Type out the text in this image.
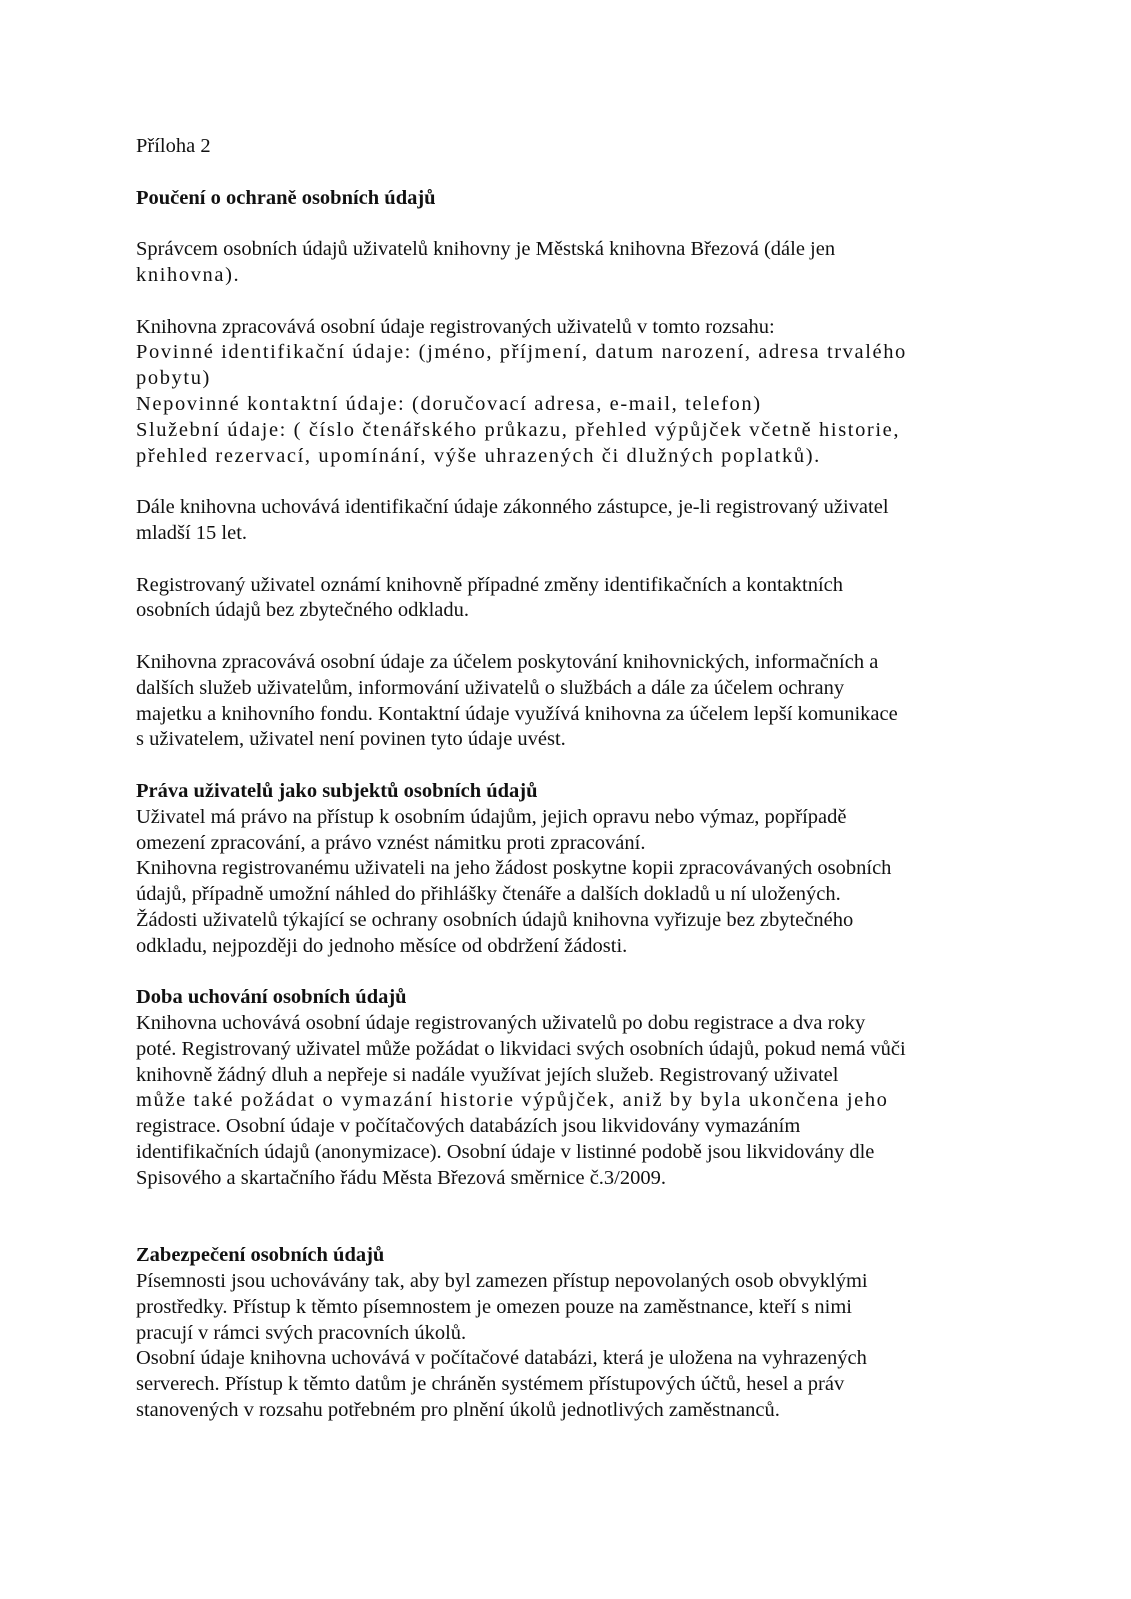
Příloha 2
Poučení o ochraně osobních údajů
Správcem osobních údajů uživatelů knihovny je Městská knihovna Březová (dále jen
knihovna).
Knihovna zpracovává osobní údaje registrovaných uživatelů v tomto rozsahu:
Povinné identifikační údaje: (jméno, příjmení, datum narození, adresa trvalého
pobytu)
Nepovinné kontaktní údaje: (doručovací adresa, e-mail, telefon)
Služební údaje: ( číslo čtenářského průkazu, přehled výpůjček včetně historie,
přehled rezervací, upomínání, výše uhrazených či dlužných poplatků).
Dále knihovna uchovává identifikační údaje zákonného zástupce, je-li registrovaný uživatel
mladší 15 let.
Registrovaný uživatel oznámí knihovně případné změny identifikačních a kontaktních
osobních údajů bez zbytečného odkladu.
Knihovna zpracovává osobní údaje za účelem poskytování knihovnických, informačních a
dalších služeb uživatelům, informování uživatelů o službách a dále za účelem ochrany
majetku a knihovního fondu. Kontaktní údaje využívá knihovna za účelem lepší komunikace
s uživatelem, uživatel není povinen tyto údaje uvést.
Práva uživatelů jako subjektů osobních údajů
Uživatel má právo na přístup k osobním údajům, jejich opravu nebo výmaz, popřípadě
omezení zpracování, a právo vznést námitku proti zpracování.
Knihovna registrovanému uživateli na jeho žádost poskytne kopii zpracovávaných osobních
údajů, případně umožní náhled do přihlášky čtenáře a dalších dokladů u ní uložených.
Žádosti uživatelů týkající se ochrany osobních údajů knihovna vyřizuje bez zbytečného
odkladu, nejpozději do jednoho měsíce od obdržení žádosti.
Doba uchování osobních údajů
Knihovna uchovává osobní údaje registrovaných uživatelů po dobu registrace a dva roky
poté. Registrovaný uživatel může požádat o likvidaci svých osobních údajů, pokud nemá vůči
knihovně žádný dluh a nepřeje si nadále využívat jejích služeb. Registrovaný uživatel
může také požádat o vymazání historie výpůjček, aniž by byla ukončena jeho
registrace. Osobní údaje v počítačových databázích jsou likvidovány vymazáním
identifikačních údajů (anonymizace). Osobní údaje v listinné podobě jsou likvidovány dle
Spisového a skartačního řádu Města Březová směrnice č.3/2009.
Zabezpečení osobních údajů
Písemnosti jsou uchovávány tak, aby byl zamezen přístup nepovolaných osob obvyklými
prostředky. Přístup k těmto písemnostem je omezen pouze na zaměstnance, kteří s nimi
pracují v rámci svých pracovních úkolů.
Osobní údaje knihovna uchovává v počítačové databázi, která je uložena na vyhrazených
serverech. Přístup k těmto datům je chráněn systémem přístupových účtů, hesel a práv
stanovených v rozsahu potřebném pro plnění úkolů jednotlivých zaměstnanců.
